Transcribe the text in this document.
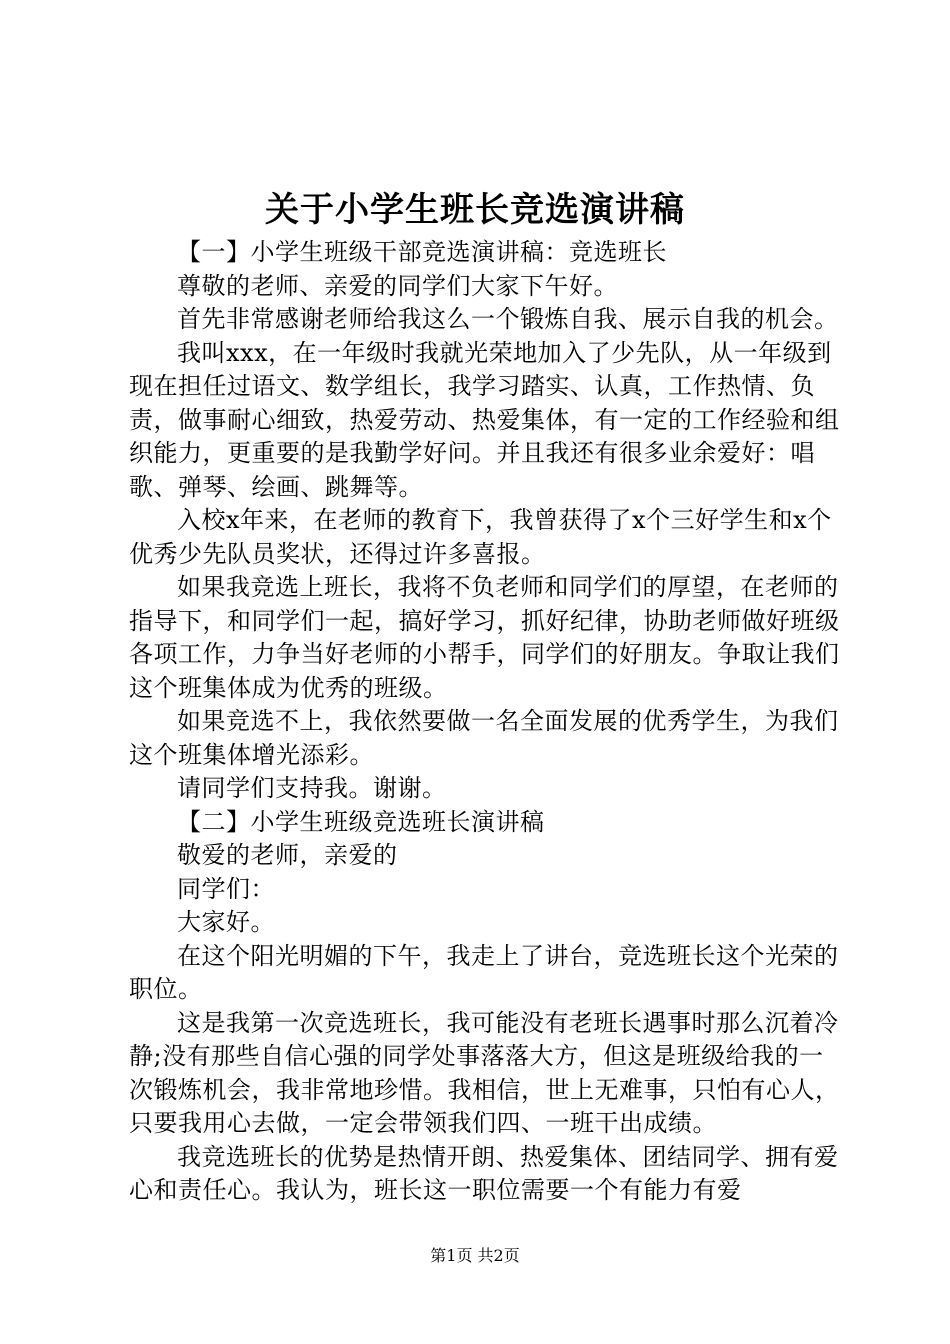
关于小学生班长竞选演讲稿

【一】小学生班级干部竞选演讲稿：竞选班长

尊敬的老师、亲爱的同学们大家下午好。

首先非常感谢老师给我这么一个锻炼自我、展示自我的机会。

我叫xxx，在一年级时我就光荣地加入了少先队，从一年级到现在担任过语文、数学组长，我学习踏实、认真，工作热情、负责，做事耐心细致，热爱劳动、热爱集体，有一定的工作经验和组织能力，更重要的是我勤学好问。并且我还有很多业余爱好：唱歌、弹琴、绘画、跳舞等。

入校x年来，在老师的教育下，我曾获得了x个三好学生和x个优秀少先队员奖状，还得过许多喜报。

如果我竞选上班长，我将不负老师和同学们的厚望，在老师的指导下，和同学们一起，搞好学习，抓好纪律，协助老师做好班级各项工作，力争当好老师的小帮手，同学们的好朋友。争取让我们这个班集体成为优秀的班级。

如果竞选不上，我依然要做一名全面发展的优秀学生，为我们这个班集体增光添彩。

请同学们支持我。谢谢。

【二】小学生班级竞选班长演讲稿

敬爱的老师，亲爱的

同学们：

大家好。

在这个阳光明媚的下午，我走上了讲台，竞选班长这个光荣的职位。

这是我第一次竞选班长，我可能没有老班长遇事时那么沉着冷静;没有那些自信心强的同学处事落落大方，但这是班级给我的一次锻炼机会，我非常地珍惜。我相信，世上无难事，只怕有心人，只要我用心去做，一定会带领我们四、一班干出成绩。

我竞选班长的优势是热情开朗、热爱集体、团结同学、拥有爱心和责任心。我认为，班长这一职位需要一个有能力有爱

第1页 共2页
